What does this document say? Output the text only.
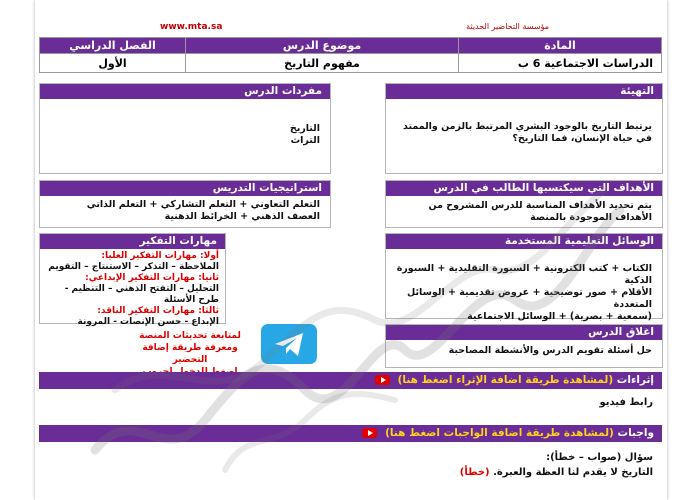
www.mta.sa	مؤسسة التحاضير الحديثة
المادة	موضوع الدرس	الفصل الدراسي
الدراسات الاجتماعية 6 ب	مفهوم التاريخ	الأول
التهيئة
يرتبط التاريخ بالوجود البشري المرتبط بالزمن والممتد في حياة الإنسان، فما التاريخ؟
مفردات الدرس
التاريخ
التراث
الأهداف التي سيكتسبها الطالب في الدرس
يتم تحديد الأهداف المناسبة للدرس المشروح من الأهداف الموجودة بالمنصة
استراتيجيات التدريس
التعلم التعاوني + التعلم التشاركي + التعلم الذاتي
العصف الذهني + الخرائط الذهنية
الوسائل التعليمية المستخدمة
الكتاب + كتب الكترونية + السبورة التقليدية + السبورة الذكية
الأقلام + صور توضيحية + عروض تقديمية + الوسائل المتعددة
(سمعية + بصرية) + الوسائل الاجتماعية
مهارات التفكير
أولا: مهارات التفكير العليا:
الملاحظة – التذكر – الاستنتاج – التقويم
ثانيا: مهارات التفكير الإبداعي:
التحليل – التفتح الذهني – التنظيم - طرح الأسئلة
ثالثا: مهارات التفكير الناقد:
الإبداع - حسن الإنصات - المرونة
لمتابعة تحديثات المنصة
ومعرفة طريقة إضافة التحضير
اغلاق الدرس
حل أسئلة تقويم الدرس والأنشطة المصاحبة
إثراءات (لمشاهدة طريقة اضافة الإثراء اضغط هنا)
رابط فيديو
واجبات (لمشاهدة طريقة اضافة الواجبات اضغط هنا)
سؤال (صواب – خطأ):
التاريخ لا يقدم لنا العظة والعبرة. (خطأ)
